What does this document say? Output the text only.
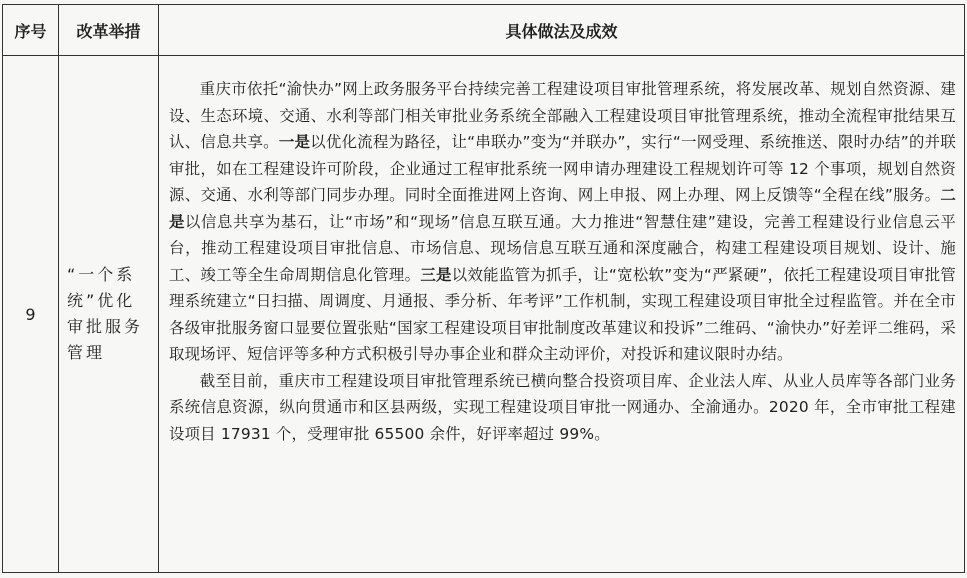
序号	改革举措	具体做法及成效
9	“一个系统”优化审批服务管理	重庆市依托“渝快办”网上政务服务平台持续完善工程建设项目审批管理系统，将发展改革、规划自然资源、建设、生态环境、交通、水利等部门相关审批业务系统全部融入工程建设项目审批管理系统，推动全流程审批结果互认、信息共享。一是以优化流程为路径，让“串联办”变为“并联办”，实行“一网受理、系统推送、限时办结”的并联审批，如在工程建设许可阶段，企业通过工程审批系统一网申请办理建设工程规划许可等 12 个事项，规划自然资源、交通、水利等部门同步办理。同时全面推进网上咨询、网上申报、网上办理、网上反馈等“全程在线”服务。二是以信息共享为基石，让“市场”和“现场”信息互联互通。大力推进“智慧住建”建设，完善工程建设行业信息云平台，推动工程建设项目审批信息、市场信息、现场信息互联互通和深度融合，构建工程建设项目规划、设计、施工、竣工等全生命周期信息化管理。三是以效能监管为抓手，让“宽松软”变为“严紧硬”，依托工程建设项目审批管理系统建立“日扫描、周调度、月通报、季分析、年考评”工作机制，实现工程建设项目审批全过程监管。并在全市各级审批服务窗口显要位置张贴“国家工程建设项目审批制度改革建议和投诉”二维码、“渝快办”好差评二维码，采取现场评、短信评等多种方式积极引导办事企业和群众主动评价，对投诉和建议限时办结。

截至目前，重庆市工程建设项目审批管理系统已横向整合投资项目库、企业法人库、从业人员库等各部门业务系统信息资源，纵向贯通市和区县两级，实现工程建设项目审批一网通办、全渝通办。2020 年，全市审批工程建设项目 17931 个，受理审批 65500 余件，好评率超过 99%。
